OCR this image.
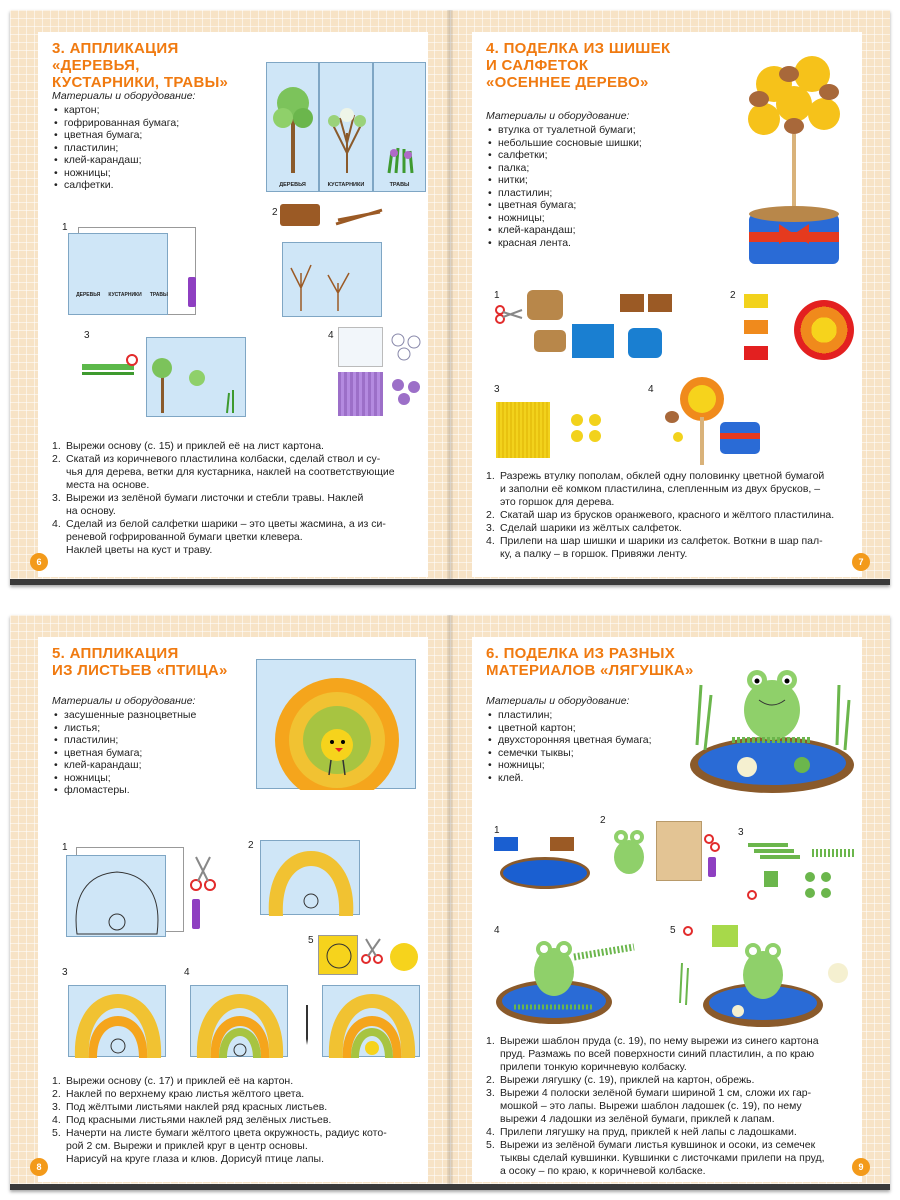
3. АППЛИКАЦИЯ «ДЕРЕВЬЯ,
КУСТАРНИКИ, ТРАВЫ»
Материалы и оборудование:
• картон;
• гофрированная бумага;
• цветная бумага;
• пластилин;
• клей-карандаш;
• ножницы;
• салфетки.	ДЕРЕВЬЯ	КУСТАРНИКИ	ТРАВЫ
1
ДЕРЕВЬЯ КУСТАРНИКИ ТРАВЫ
2
3	4
1. Вырежи основу (с. 15) и приклей её на лист картона.
2. Скатай из коричневого пластилина колбаски, сделай ствол и су-
чья для дерева, ветки для кустарника, наклей на соответствующие
места на основе.
3. Вырежи из зелёной бумаги листочки и стебли травы. Наклей
на основу.
4. Сделай из белой салфетки шарики – это цветы жасмина, а из си-
реневой гофрированной бумаги цветки клевера.
Наклей цветы на куст и траву.
6
4. ПОДЕЛКА ИЗ ШИШЕК
И САЛФЕТОК
«ОСЕННЕЕ ДЕРЕВО»
Материалы и оборудование:
• втулка от туалетной бумаги;
• небольшие сосновые шишки;
• салфетки;
• палка;
• нитки;
• пластилин;
• цветная бумага;
• ножницы;
• клей-карандаш;
• красная лента.
1	2
3	4
1. Разрежь втулку пополам, обклей одну половинку цветной бумагой
и заполни её комком пластилина, слепленным из двух брусков, –
это горшок для дерева.
2. Скатай шар из брусков оранжевого, красного и жёлтого пластилина.
3. Сделай шарики из жёлтых салфеток.
4. Прилепи на шар шишки и шарики из салфеток. Воткни в шар пал-
ку, а палку – в горшок. Привяжи ленту.
7
5. АППЛИКАЦИЯ
ИЗ ЛИСТЬЕВ «ПТИЦА»
Материалы и оборудование:
• засушенные разноцветные
• листья;
• пластилин;
• цветная бумага;
• клей-карандаш;
• ножницы;
• фломастеры.
1	2
5
3	4
1. Вырежи основу (с. 17) и приклей её на картон.
2. Наклей по верхнему краю листья жёлтого цвета.
3. Под жёлтыми листьями наклей ряд красных листьев.
4. Под красными листьями наклей ряд зелёных листьев.
5. Начерти на листе бумаги жёлтого цвета окружность, радиус кото-
рой 2 см. Вырежи и приклей круг в центр основы.
Нарисуй на круге глаза и клюв. Дорисуй птице лапы.
8
6. ПОДЕЛКА ИЗ РАЗНЫХ
МАТЕРИАЛОВ «ЛЯГУШКА»
Материалы и оборудование:
• пластилин;
• цветной картон;
• двухсторонняя цветная бумага;
• семечки тыквы;
• ножницы;
• клей.
1
2
3
4	5
1. Вырежи шаблон пруда (с. 19), по нему вырежи из синего картона
пруд. Размажь по всей поверхности синий пластилин, а по краю
прилепи тонкую коричневую колбаску.
2. Вырежи лягушку (с. 19), приклей на картон, обрежь.
3. Вырежи 4 полоски зелёной бумаги шириной 1 см, сложи их гар-
мошкой – это лапы. Вырежи шаблон ладошек (с. 19), по нему
вырежи 4 ладошки из зелёной бумаги, приклей к лапам.
4. Прилепи лягушку на пруд, приклей к ней лапы с ладошками.
5. Вырежи из зелёной бумаги листья кувшинок и осоки, из семечек
тыквы сделай кувшинки. Кувшинки с листочками прилепи на пруд,
а осоку – по краю, к коричневой колбаске.	9
